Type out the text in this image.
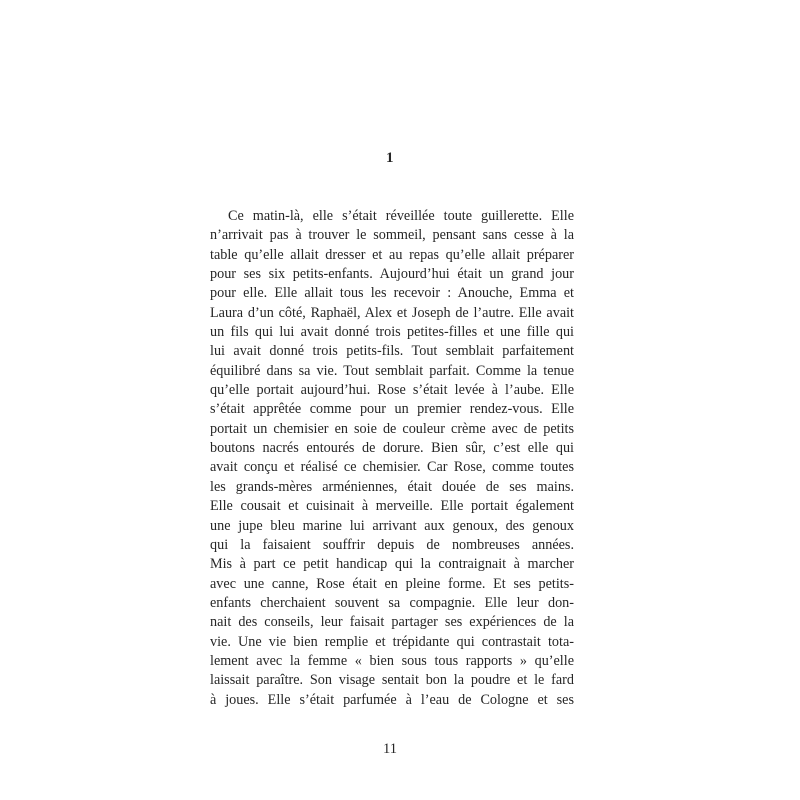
1
Ce matin-là, elle s’était réveillée toute guillerette. Elle
n’arrivait pas à trouver le sommeil, pensant sans cesse à la
table qu’elle allait dresser et au repas qu’elle allait préparer
pour ses six petits-enfants. Aujourd’hui était un grand jour
pour elle. Elle allait tous les recevoir : Anouche, Emma et
Laura d’un côté, Raphaël, Alex et Joseph de l’autre. Elle avait
un fils qui lui avait donné trois petites-filles et une fille qui
lui avait donné trois petits-fils. Tout semblait parfaitement
équilibré dans sa vie. Tout semblait parfait. Comme la tenue
qu’elle portait aujourd’hui. Rose s’était levée à l’aube. Elle
s’était apprêtée comme pour un premier rendez-vous. Elle
portait un chemisier en soie de couleur crème avec de petits
boutons nacrés entourés de dorure. Bien sûr, c’est elle qui
avait conçu et réalisé ce chemisier. Car Rose, comme toutes
les grands-mères arméniennes, était douée de ses mains.
Elle cousait et cuisinait à merveille. Elle portait également
une jupe bleu marine lui arrivant aux genoux, des genoux
qui la faisaient souffrir depuis de nombreuses années.
Mis à part ce petit handicap qui la contraignait à marcher
avec une canne, Rose était en pleine forme. Et ses petits-
enfants cherchaient souvent sa compagnie. Elle leur don-
nait des conseils, leur faisait partager ses expériences de la
vie. Une vie bien remplie et trépidante qui contrastait tota-
lement avec la femme « bien sous tous rapports » qu’elle
laissait paraître. Son visage sentait bon la poudre et le fard
à joues. Elle s’était parfumée à l’eau de Cologne et ses
11
